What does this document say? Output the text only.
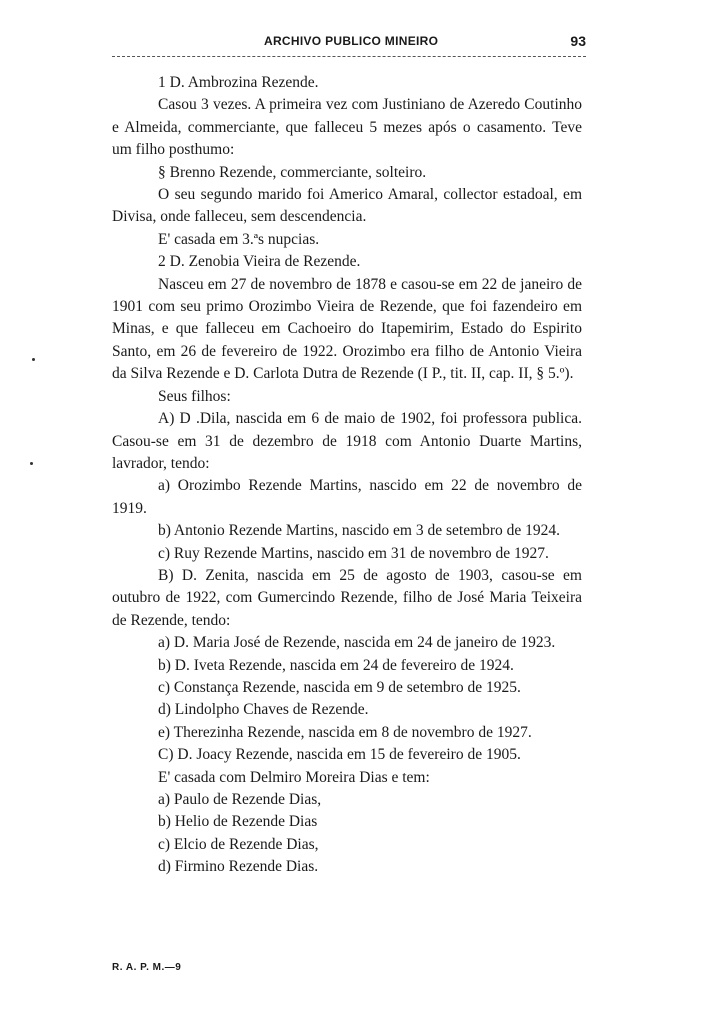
ARCHIVO PUBLICO MINEIRO	93

1 D. Ambrozina Rezende.

Casou 3 vezes. A primeira vez com Justiniano de Azeredo Coutinho e Almeida, commerciante, que falleceu 5 mezes após o casamento. Teve um filho posthumo:

§ Brenno Rezende, commerciante, solteiro.

O seu segundo marido foi Americo Amaral, collector estadoal, em Divisa, onde falleceu, sem descendencia.

E' casada em 3.ªs nupcias.

2 D. Zenobia Vieira de Rezende.

Nasceu em 27 de novembro de 1878 e casou-se em 22 de janeiro de 1901 com seu primo Orozimbo Vieira de Rezende, que foi fazendeiro em Minas, e que falleceu em Cachoeiro do Itapemirim, Estado do Espirito Santo, em 26 de fevereiro de 1922. Orozimbo era filho de Antonio Vieira da Silva Rezende e D. Carlota Dutra de Rezende (I P., tit. II, cap. II, § 5.º).

Seus filhos:

A) D .Dila, nascida em 6 de maio de 1902, foi professora publica. Casou-se em 31 de dezembro de 1918 com Antonio Duarte Martins, lavrador, tendo:

a) Orozimbo Rezende Martins, nascido em 22 de novembro de 1919.

b) Antonio Rezende Martins, nascido em 3 de setembro de 1924.

c) Ruy Rezende Martins, nascido em 31 de novembro de 1927.

B) D. Zenita, nascida em 25 de agosto de 1903, casou-se em outubro de 1922, com Gumercindo Rezende, filho de José Maria Teixeira de Rezende, tendo:

a) D. Maria José de Rezende, nascida em 24 de janeiro de 1923.

b) D. Iveta Rezende, nascida em 24 de fevereiro de 1924.

c) Constança Rezende, nascida em 9 de setembro de 1925.

d) Lindolpho Chaves de Rezende.

e) Therezinha Rezende, nascida em 8 de novembro de 1927.

C) D. Joacy Rezende, nascida em 15 de fevereiro de 1905.

E' casada com Delmiro Moreira Dias e tem:

a) Paulo de Rezende Dias,

b) Helio de Rezende Dias

c) Elcio de Rezende Dias,

d) Firmino Rezende Dias.

R. A. P. M.—9
